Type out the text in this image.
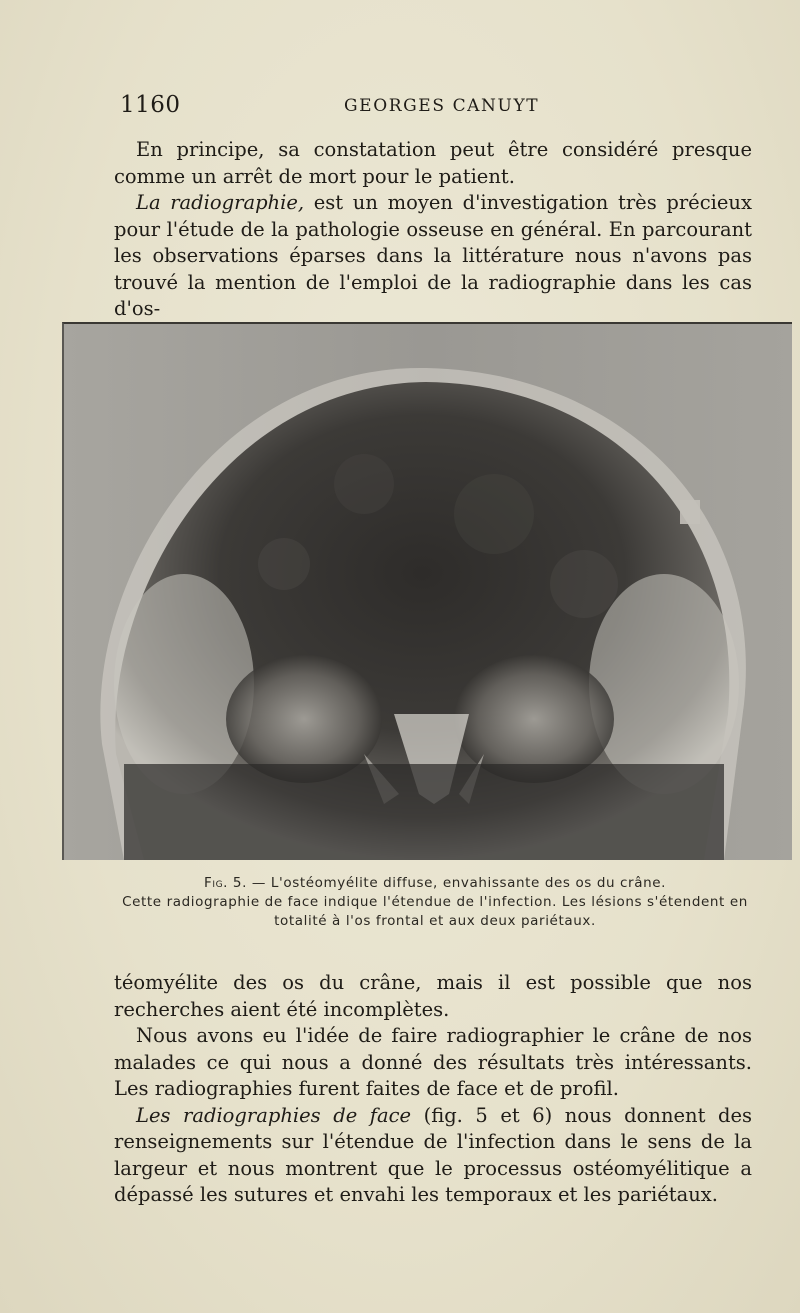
1160	GEORGES CANUYT

En principe, sa constatation peut être considéré presque comme un arrêt de mort pour le patient.

La radiographie, est un moyen d'investigation très précieux pour l'étude de la pathologie osseuse en général. En parcourant les observations éparses dans la littérature nous n'avons pas trouvé la mention de l'emploi de la radiographie dans les cas d'os-

Fig. 5. — L'ostéomyélite diffuse, envahissante des os du crâne.

Cette radiographie de face indique l'étendue de l'infection. Les lésions s'étendent en totalité à l'os frontal et aux deux pariétaux.

téomyélite des os du crâne, mais il est possible que nos recherches aient été incomplètes.

Nous avons eu l'idée de faire radiographier le crâne de nos malades ce qui nous a donné des résultats très intéressants. Les radiographies furent faites de face et de profil.

Les radiographies de face (fig. 5 et 6) nous donnent des renseignements sur l'étendue de l'infection dans le sens de la largeur et nous montrent que le processus ostéomyélitique a dépassé les sutures et envahi les temporaux et les pariétaux.
